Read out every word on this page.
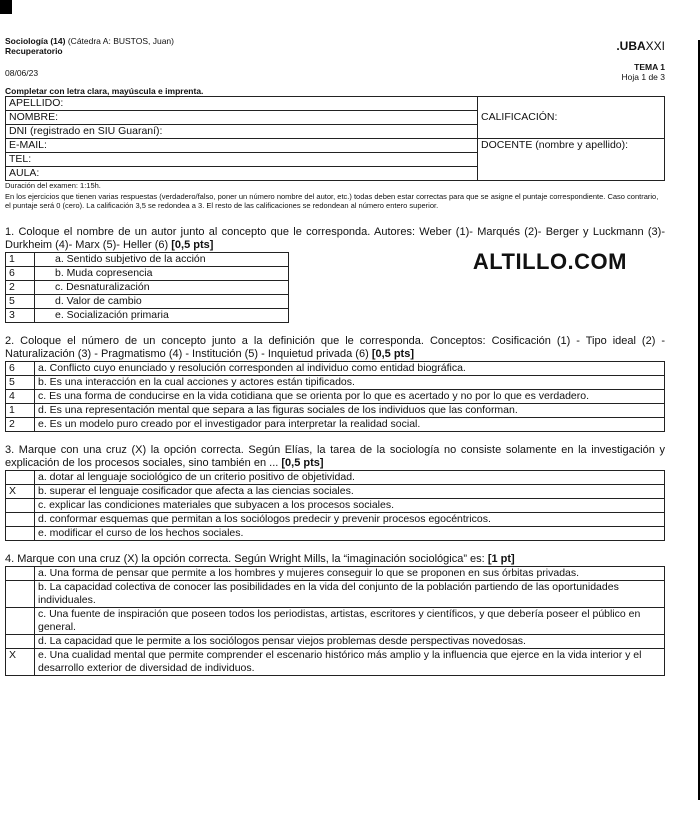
Sociología (14) (Cátedra A: BUSTOS, Juan)
Recuperatorio
08/06/23
.UBAXXI
TEMA 1
Hoja 1 de 3
Completar con letra clara, mayúscula e imprenta.
APELLIDO:	CALIFICACIÓN:
NOMBRE:	
DNI (registrado en SIU Guaraní):	
E-MAIL:	DOCENTE (nombre y apellido):
TEL:	
AULA:	
Duración del examen: 1:15h.
En los ejercicios que tienen varias respuestas (verdadero/falso, poner un número nombre del autor, etc.) todas deben estar correctas para que se asigne el puntaje correspondiente. Caso contrario, el puntaje será 0 (cero). La calificación 3,5 se redondea a 3. El resto de las calificaciones se redondean al número entero superior.
1. Coloque el nombre de un autor junto al concepto que le corresponda. Autores: Weber (1)- Marqués (2)- Berger y Luckmann (3)- Durkheim (4)- Marx (5)- Heller (6) [0,5 pts]
1	a. Sentido subjetivo de la acción	
6	b. Muda copresencia	
2	c. Desnaturalización	
5	d. Valor de cambio	
3	e. Socialización primaria	
ALTILLO.COM
2. Coloque el número de un concepto junto a la definición que le corresponda. Conceptos: Cosificación (1) - Tipo ideal (2) - Naturalización (3) - Pragmatismo (4) - Institución (5) - Inquietud privada (6) [0,5 pts]
6	a. Conflicto cuyo enunciado y resolución corresponden al individuo como entidad biográfica.
5	b. Es una interacción en la cual acciones y actores están tipificados.
4	c. Es una forma de conducirse en la vida cotidiana que se orienta por lo que es acertado y no por lo que es verdadero.
1	d. Es una representación mental que separa a las figuras sociales de los individuos que las conforman.
2	e. Es un modelo puro creado por el investigador para interpretar la realidad social.
3. Marque con una cruz (X) la opción correcta. Según Elías, la tarea de la sociología no consiste solamente en la investigación y explicación de los procesos sociales, sino también en ... [0,5 pts]
	a. dotar al lenguaje sociológico de un criterio positivo de objetividad.
X	b. superar el lenguaje cosificador que afecta a las ciencias sociales.
	c. explicar las condiciones materiales que subyacen a los procesos sociales.
	d. conformar esquemas que permitan a los sociólogos predecir y prevenir procesos egocéntricos.
	e. modificar el curso de los hechos sociales.
4. Marque con una cruz (X) la opción correcta. Según Wright Mills, la “imaginación sociológica” es: [1 pt]
	a. Una forma de pensar que permite a los hombres y mujeres conseguir lo que se proponen en sus órbitas privadas.
	b. La capacidad colectiva de conocer las posibilidades en la vida del conjunto de la población partiendo de las oportunidades individuales.
	c. Una fuente de inspiración que poseen todos los periodistas, artistas, escritores y científicos, y que debería poseer el público en general.
	d. La capacidad que le permite a los sociólogos pensar viejos problemas desde perspectivas novedosas.
X	e. Una cualidad mental que permite comprender el escenario histórico más amplio y la influencia que ejerce en la vida interior y el desarrollo exterior de diversidad de individuos.
